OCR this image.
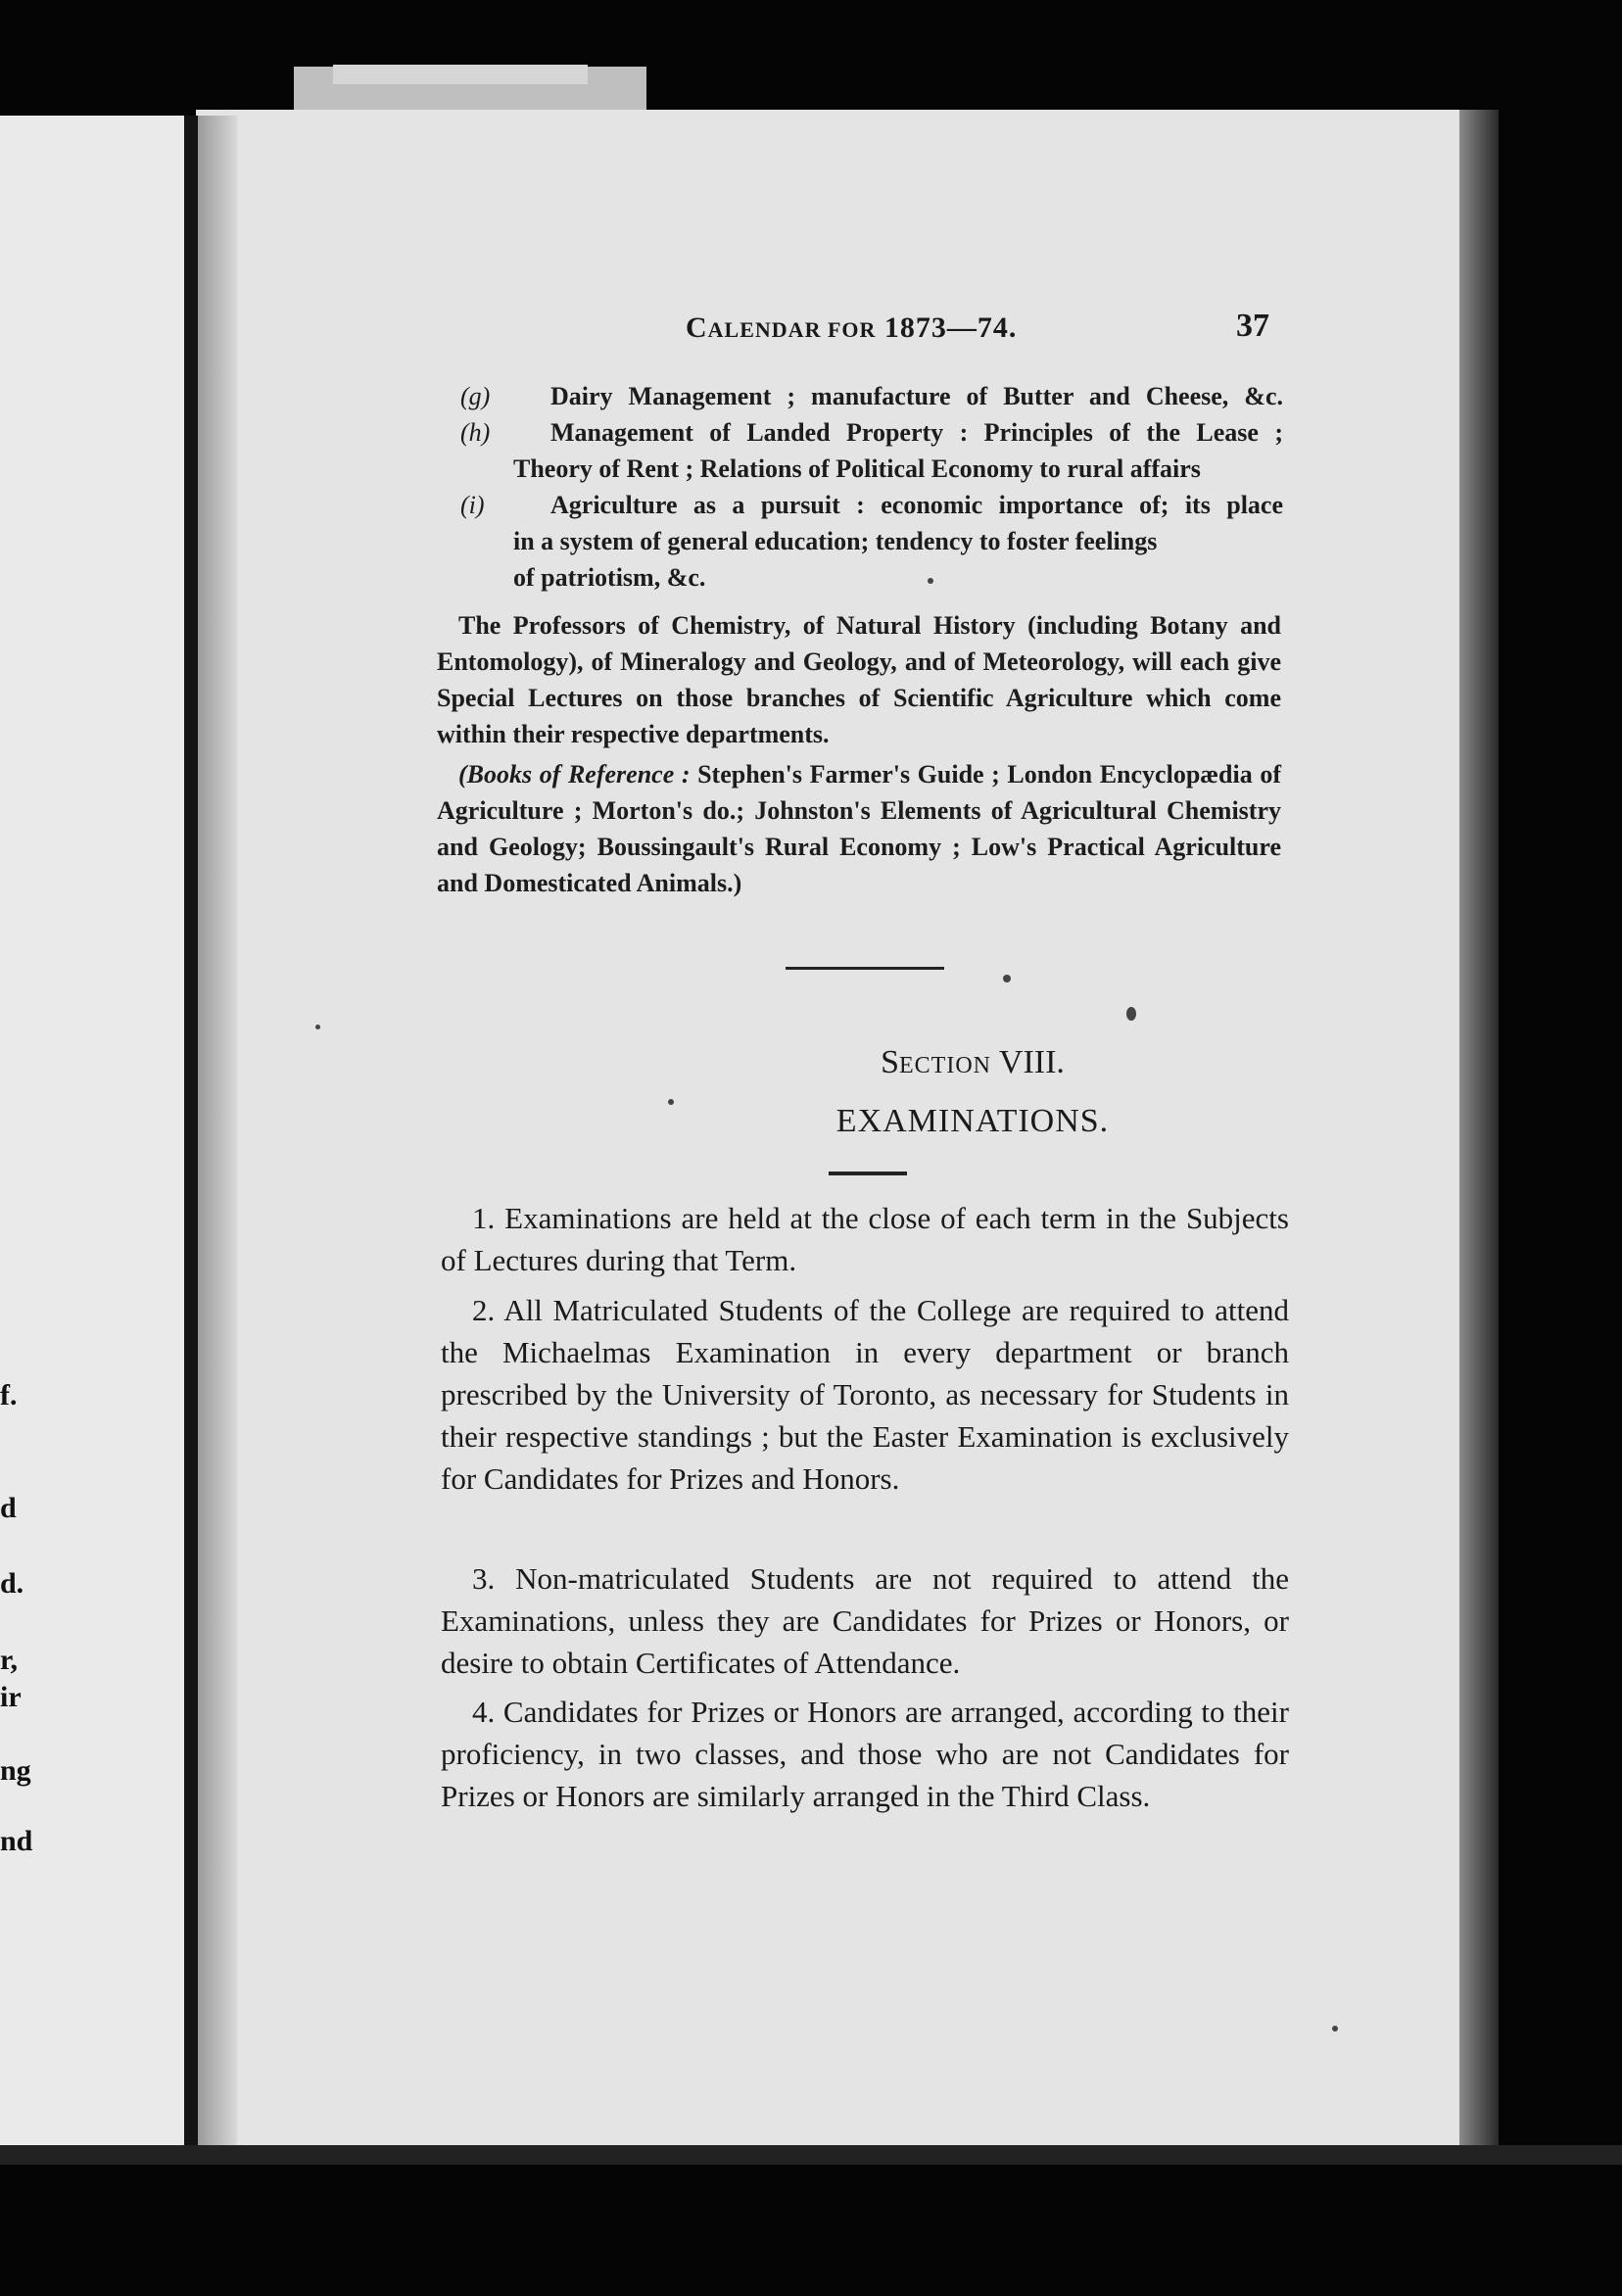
f.
d
d.
r,
ir
ng
nd
CALENDAR FOR 1873—74.	37
(g)	Dairy Management ; manufacture of Butter and Cheese, &c.
(h)	Management of Landed Property : Principles of the Lease ;
Theory of Rent ; Relations of Political Economy to rural affairs
(i)	Agriculture as a pursuit : economic importance of; its place
in a system of general education; tendency to foster feelings
of patriotism, &c.

The Professors of Chemistry, of Natural History (including Botany and Entomology), of Mineralogy and Geology, and of Meteorology, will each give Special Lectures on those branches of Scientific Agriculture which come within their respective departments.

(Books of Reference : Stephen's Farmer's Guide ; London Encyclopædia of Agriculture ; Morton's do.; Johnston's Elements of Agricultural Chemistry and Geology; Boussingault's Rural Economy ; Low's Practical Agriculture and Domesticated Animals.)

SECTION VIII.
EXAMINATIONS.

1. Examinations are held at the close of each term in the Subjects of Lectures during that Term.

2. All Matriculated Students of the College are required to attend the Michaelmas Examination in every department or branch prescribed by the University of Toronto, as necessary for Students in their respective standings ; but the Easter Examination is exclusively for Candidates for Prizes and Honors.

3. Non-matriculated Students are not required to attend the Examinations, unless they are Candidates for Prizes or Honors, or desire to obtain Certificates of Attendance.

4. Candidates for Prizes or Honors are arranged, according to their proficiency, in two classes, and those who are not Candidates for Prizes or Honors are similarly arranged in the Third Class.
